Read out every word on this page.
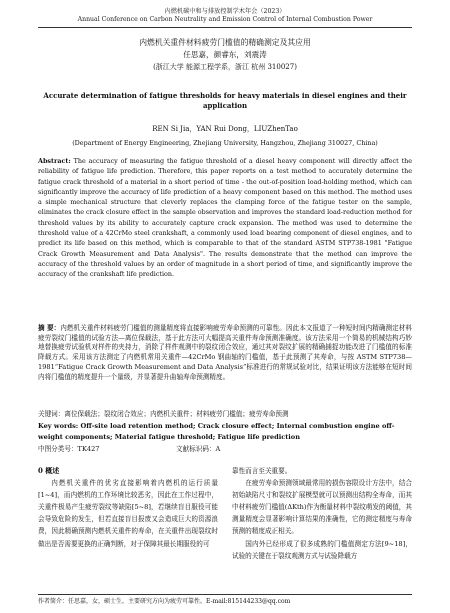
内燃机碳中和与排放控制学术年会（2023）
Annual Conference on Carbon Neutrality and Emission Control of Internal Combustion Power
内燃机关重件材料疲劳门槛值的精确测定及其应用
任思嘉，颜睿东，刘震涛
(浙江大学 能源工程学系，浙江 杭州 310027)
Accurate determination of fatigue thresholds for heavy materials in diesel engines and their application
REN Si Jia，YAN Rui Dong，LIUZhenTao
(Department of Energy Engineering, Zhejiang University, Hangzhou, Zhejiang 310027, China)
Abstract: The accuracy of measuring the fatigue threshold of a diesel heavy component will directly affect the reliability of fatigue life prediction. Therefore, this paper reports on a test method to accurately determine the fatigue crack threshold of a material in a short period of time - the out-of-position load-holding method, which can significantly improve the accuracy of life prediction of a heavy component based on this method. The method uses a simple mechanical structure that cleverly replaces the clamping force of the fatigue tester on the sample, eliminates the crack closure effect in the sample observation and improves the standard load-reduction method for threshold values by its ability to accurately capture crack expansion. The method was used to determine the threshold value of a 42CrMo steel crankshaft, a commonly used load bearing component of diesel engines, and to predict its life based on this method, which is comparable to that of the standard ASTM STP738-1981 "Fatigue Crack Growth Measurement and Data Analysis". The results demonstrate that the method can improve the accuracy of the threshold values by an order of magnitude in a short period of time, and significantly improve the accuracy of the crankshaft life prediction.
摘 要：内燃机关重件材料疲劳门槛值的测量精度将直接影响疲劳寿命预测的可靠性。因此本文报道了一种短时间内精确测定材料疲劳裂纹门槛值的试验方法—离位保载法，基于此方法可大幅提高关重件寿命预测准确度。该方法采用一个简易的机械结构巧妙地替换疲劳试验机对样件的夹持力，消除了样件观测中的裂纹闭合效应，通过其对裂纹扩展的精确捕捉功能改进了门槛值的标准降载方式。采用该方法测定了内燃机常用关重件—42CrMo 钢曲轴的门槛值，基于此预测了其寿命，与按 ASTM STP738—1981“Fatigue Crack Growth Measurement and Data Analysis”标准进行的常规试验对比，结果证明该方法能够在短时间内将门槛值的精度提升一个量级，并显著提升曲轴寿命预测精度。
关键词：离位保载法；裂纹闭合效应；内燃机关重件；材料疲劳门槛值；疲劳寿命预测
Key words: Off-site load retention method; Crack closure effect; Internal combustion engine off-weight components; Material fatigue threshold; Fatigue life prediction
中图分类号：TK427	文献标识码：A
0 概述

内燃机关重件的优劣直接影响着内燃机的运行质量[1~4]，而内燃机的工作环境比较恶劣，因此在工作过程中，关重件极易产生疲劳裂纹等缺陷[5~8]，若继续盲目服役可能会导致危险的发生，但若直接盲目报废又会造成巨大的资源浪费，因此精确预测内燃机关重件的寿命，在关重件出现裂纹时做出是否需要更换的正确判断，对于保障其最长期服役的可

靠性而言至关重要。

在疲劳寿命预测领域最常用的损伤容限设计方法中，结合初始缺陷尺寸和裂纹扩展模型就可以预测出结构全寿命，而其中材料疲劳门槛值(ΔKth)作为衡量材料中裂纹萌发的阈值，其测量精度会显著影响计算结果的准确性，它的测定精度与寿命预测的精度成正相关。

国内外已经形成了很多成熟的门槛值测定方法[9~18]，试验的关键在于裂纹观测方式与试验降载方

作者简介：任思嘉，女，硕士生，主要研究方向为疲劳可靠性。E-mail:815144233@qq.com
